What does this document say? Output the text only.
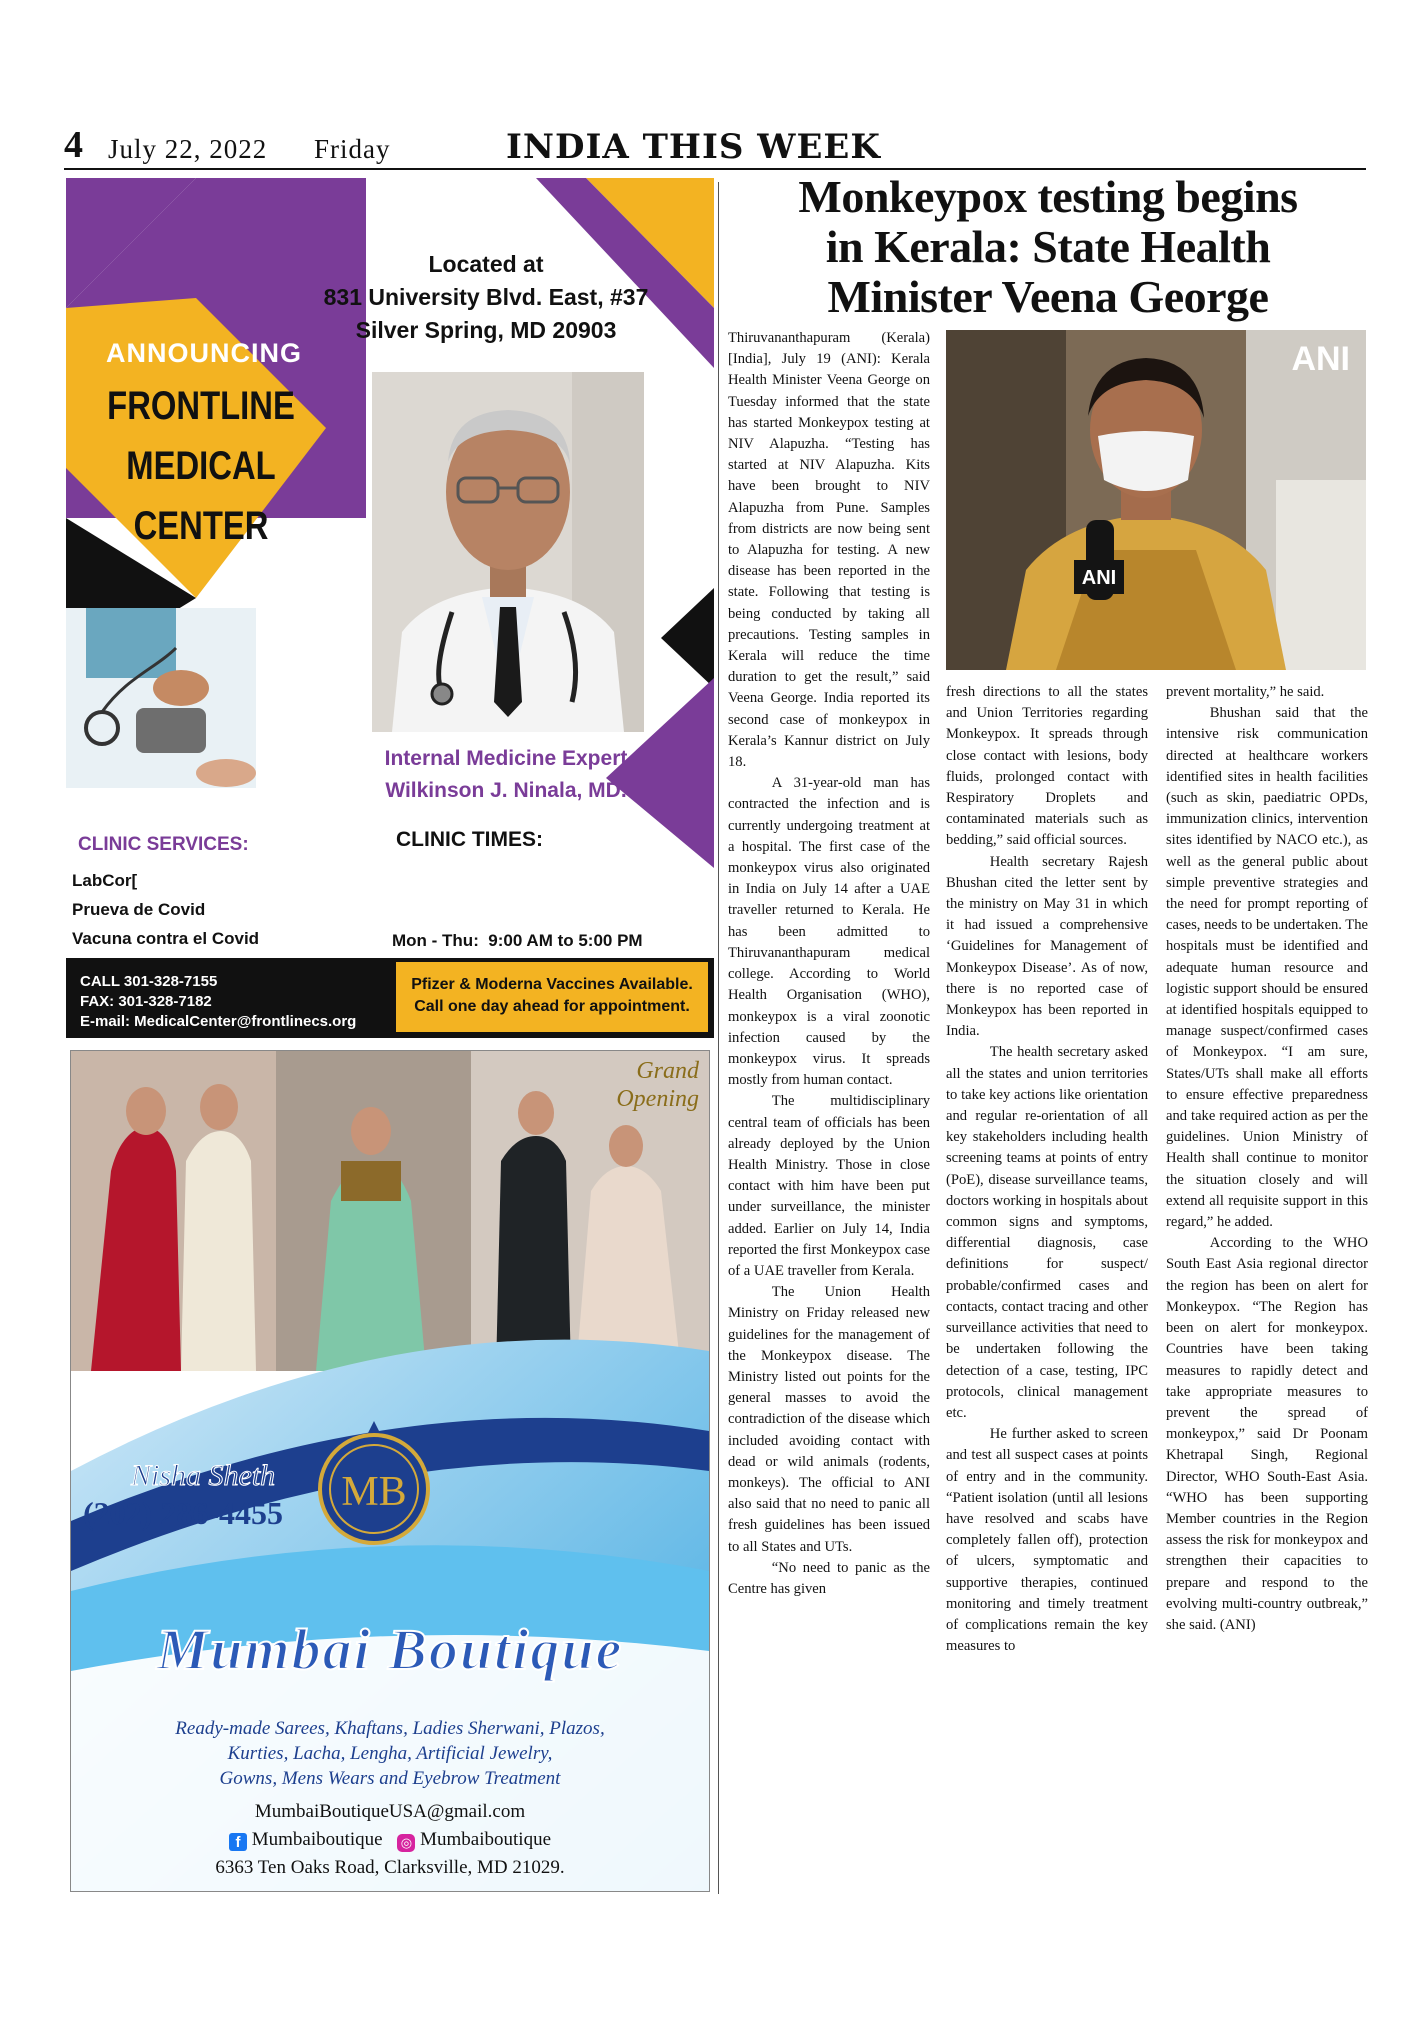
4 July 22, 2022 Friday	INDIA THIS WEEK
ANNOUNCING
FRONTLINE
MEDICAL
CENTER
Located at
831 University Blvd. East, #37
Silver Spring, MD 20903
Internal Medicine Expert
Wilkinson J. Ninala, MD.
CLINIC SERVICES:
LabCor[
Prueva de Covid
Vacuna contra el Covid
CLINIC TIMES:

Mon - Thu:  9:00 AM to 5:00 PM

CALL 301-328-7155
FAX: 301-328-7182
E-mail: MedicalCenter@frontlinecs.org
Pfizer & Moderna Vaccines Available.
Call one day ahead for appointment.
Grand
Opening
MB
Nisha Sheth
(202) 286-4455
Mumbai Boutique
Ready-made Sarees, Khaftans, Ladies Sherwani, Plazos,
Kurties, Lacha, Lengha, Artificial Jewelry,
Gowns, Mens Wears and Eyebrow Treatment
MumbaiBoutiqueUSA@gmail.com
f Mumbaiboutique ◎ Mumbaiboutique
6363 Ten Oaks Road, Clarksville, MD 21029.
Monkeypox testing begins
in Kerala: State Health
Minister Veena George
ANI
ANI

Thiruvananthapuram (Kerala) [India], July 19 (ANI): Kerala Health Minister Veena George on Tuesday informed that the state has started Monkeypox testing at NIV Alapuzha. “Testing has started at NIV Alapuzha. Kits have been brought to NIV Alapuzha from Pune. Samples from districts are now being sent to Alapuzha for testing. A new disease has been reported in the state. Following that testing is being conducted by taking all precautions. Testing samples in Kerala will reduce the time duration to get the result,” said Veena George. India reported its second case of monkeypox in Kerala’s Kannur district on July 18.

A 31-year-old man has contracted the infection and is currently undergoing treatment at a hospital. The first case of the monkeypox virus also originated in India on July 14 after a UAE traveller returned to Kerala. He has been admitted to Thiruvananthapuram medical college. According to World Health Organisation (WHO), monkeypox is a viral zoonotic infection caused by the monkeypox virus. It spreads mostly from human contact.

The multidisciplinary central team of officials has been already deployed by the Union Health Ministry. Those in close contact with him have been put under surveillance, the minister added. Earlier on July 14, India reported the first Monkeypox case of a UAE traveller from Kerala.

The Union Health Ministry on Friday released new guidelines for the management of the Monkeypox disease. The Ministry listed out points for the general masses to avoid the contradiction of the disease which included avoiding contact with dead or wild animals (rodents, monkeys). The official to ANI also said that no need to panic all fresh guidelines has been issued to all States and UTs.

“No need to panic as the Centre has given

fresh directions to all the states and Union Territories regarding Monkeypox. It spreads through close contact with lesions, body fluids, prolonged contact with Respiratory Droplets and contaminated materials such as bedding,” said official sources.

Health secretary Rajesh Bhushan cited the letter sent by the ministry on May 31 in which it had issued a comprehensive ‘Guidelines for Management of Monkeypox Disease’. As of now, there is no reported case of Monkeypox has been reported in India.

The health secretary asked all the states and union territories to take key actions like orientation and regular re-orientation of all key stakeholders including health screening teams at points of entry (PoE), disease surveillance teams, doctors working in hospitals about common signs and symptoms, differential diagnosis, case definitions for suspect/ probable/confirmed cases and contacts, contact tracing and other surveillance activities that need to be undertaken following the detection of a case, testing, IPC protocols, clinical management etc.

He further asked to screen and test all suspect cases at points of entry and in the community. “Patient isolation (until all lesions have resolved and scabs have completely fallen off), protection of ulcers, symptomatic and supportive therapies, continued monitoring and timely treatment of complications remain the key measures to

prevent mortality,” he said.

Bhushan said that the intensive risk communication directed at healthcare workers identified sites in health facilities (such as skin, paediatric OPDs, immunization clinics, intervention sites identified by NACO etc.), as well as the general public about simple preventive strategies and the need for prompt reporting of cases, needs to be undertaken. The hospitals must be identified and adequate human resource and logistic support should be ensured at identified hospitals equipped to manage suspect/confirmed cases of Monkeypox. “I am sure, States/UTs shall make all efforts to ensure effective preparedness and take required action as per the guidelines. Union Ministry of Health shall continue to monitor the situation closely and will extend all requisite support in this regard,” he added.

According to the WHO South East Asia regional director the region has been on alert for Monkeypox. “The Region has been on alert for monkeypox. Countries have been taking measures to rapidly detect and take appropriate measures to prevent the spread of monkeypox,” said Dr Poonam Khetrapal Singh, Regional Director, WHO South-East Asia. “WHO has been supporting Member countries in the Region assess the risk for monkeypox and strengthen their capacities to prepare and respond to the evolving multi-country outbreak,” she said. (ANI)
